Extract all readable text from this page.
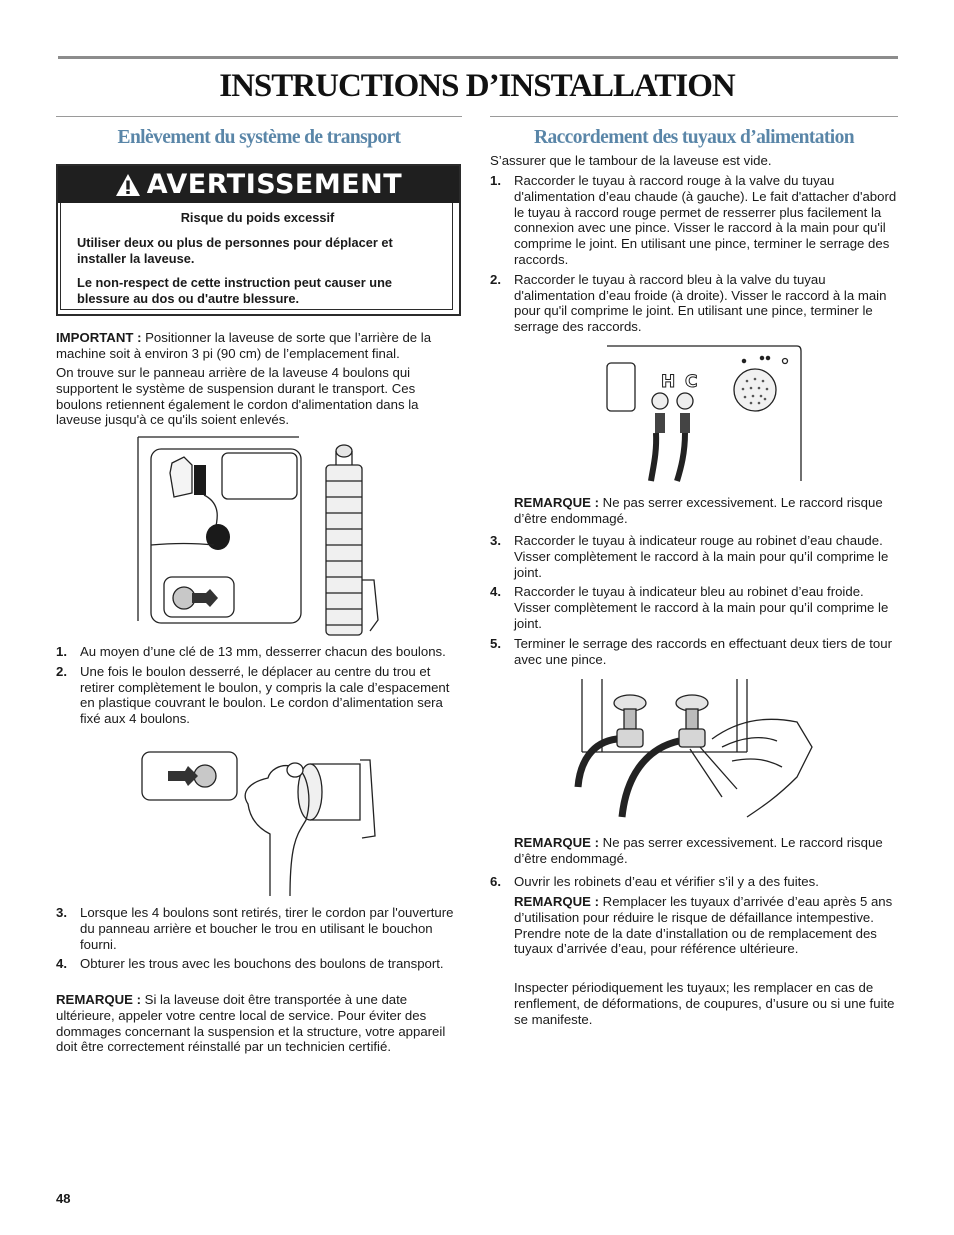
INSTRUCTIONS D’INSTALLATION
Enlèvement du système de transport
AVERTISSEMENT
Risque du poids excessif
Utiliser deux ou plus de personnes pour déplacer et installer la laveuse.
Le non-respect de cette instruction peut causer une blessure au dos ou d'autre blessure.
IMPORTANT : Positionner la laveuse de sorte que l’arrière de la machine soit à environ 3 pi (90 cm) de l’emplacement final.
On trouve sur le panneau arrière de la laveuse 4 boulons qui supportent le système de suspension durant le transport. Ces boulons retiennent également le cordon d'alimentation dans la laveuse jusqu'à ce qu'ils soient enlevés.
1. Au moyen d’une clé de 13 mm, desserrer chacun des boulons.
2. Une fois le boulon desserré, le déplacer au centre du trou et retirer complètement le boulon, y compris la cale d’espacement en plastique couvrant le boulon. Le cordon d’alimentation sera fixé aux 4 boulons.
3. Lorsque les 4 boulons sont retirés, tirer le cordon par l'ouverture du panneau arrière et boucher le trou en utilisant le bouchon fourni.
4. Obturer les trous avec les bouchons des boulons de transport.
REMARQUE : Si la laveuse doit être transportée à une date ultérieure, appeler votre centre local de service. Pour éviter des dommages concernant la suspension et la structure, votre appareil doit être correctement réinstallé par un technicien certifié.
Raccordement des tuyaux d’alimentation
S’assurer que le tambour de la laveuse est vide.
1. Raccorder le tuyau à raccord rouge à la valve du tuyau d'alimentation d’eau chaude (à gauche). Le fait d'attacher d'abord le tuyau à raccord rouge permet de resserrer plus facilement la connexion avec une pince. Visser le raccord à la main pour qu'il comprime le joint. En utilisant une pince, terminer le serrage des raccords.
2. Raccorder le tuyau à raccord bleu à la valve du tuyau d'alimentation d’eau froide (à droite). Visser le raccord à la main pour qu'il comprime le joint. En utilisant une pince, terminer le serrage des raccords.
H C
REMARQUE : Ne pas serrer excessivement. Le raccord risque d’être endommagé.
3. Raccorder le tuyau à indicateur rouge au robinet d’eau chaude. Visser complètement le raccord à la main pour qu’il comprime le joint.
4. Raccorder le tuyau à indicateur bleu au robinet d’eau froide. Visser complètement le raccord à la main pour qu’il comprime le joint.
5. Terminer le serrage des raccords en effectuant deux tiers de tour avec une pince.
REMARQUE : Ne pas serrer excessivement. Le raccord risque d’être endommagé.
6. Ouvrir les robinets d’eau et vérifier s’il y a des fuites.
REMARQUE : Remplacer les tuyaux d’arrivée d’eau après 5 ans d’utilisation pour réduire le risque de défaillance intempestive. Prendre note de la date d’installation ou de remplacement des tuyaux d’arrivée d’eau, pour référence ultérieure.
Inspecter périodiquement les tuyaux; les remplacer en cas de renflement, de déformations, de coupures, d’usure ou si une fuite se manifeste.
48
